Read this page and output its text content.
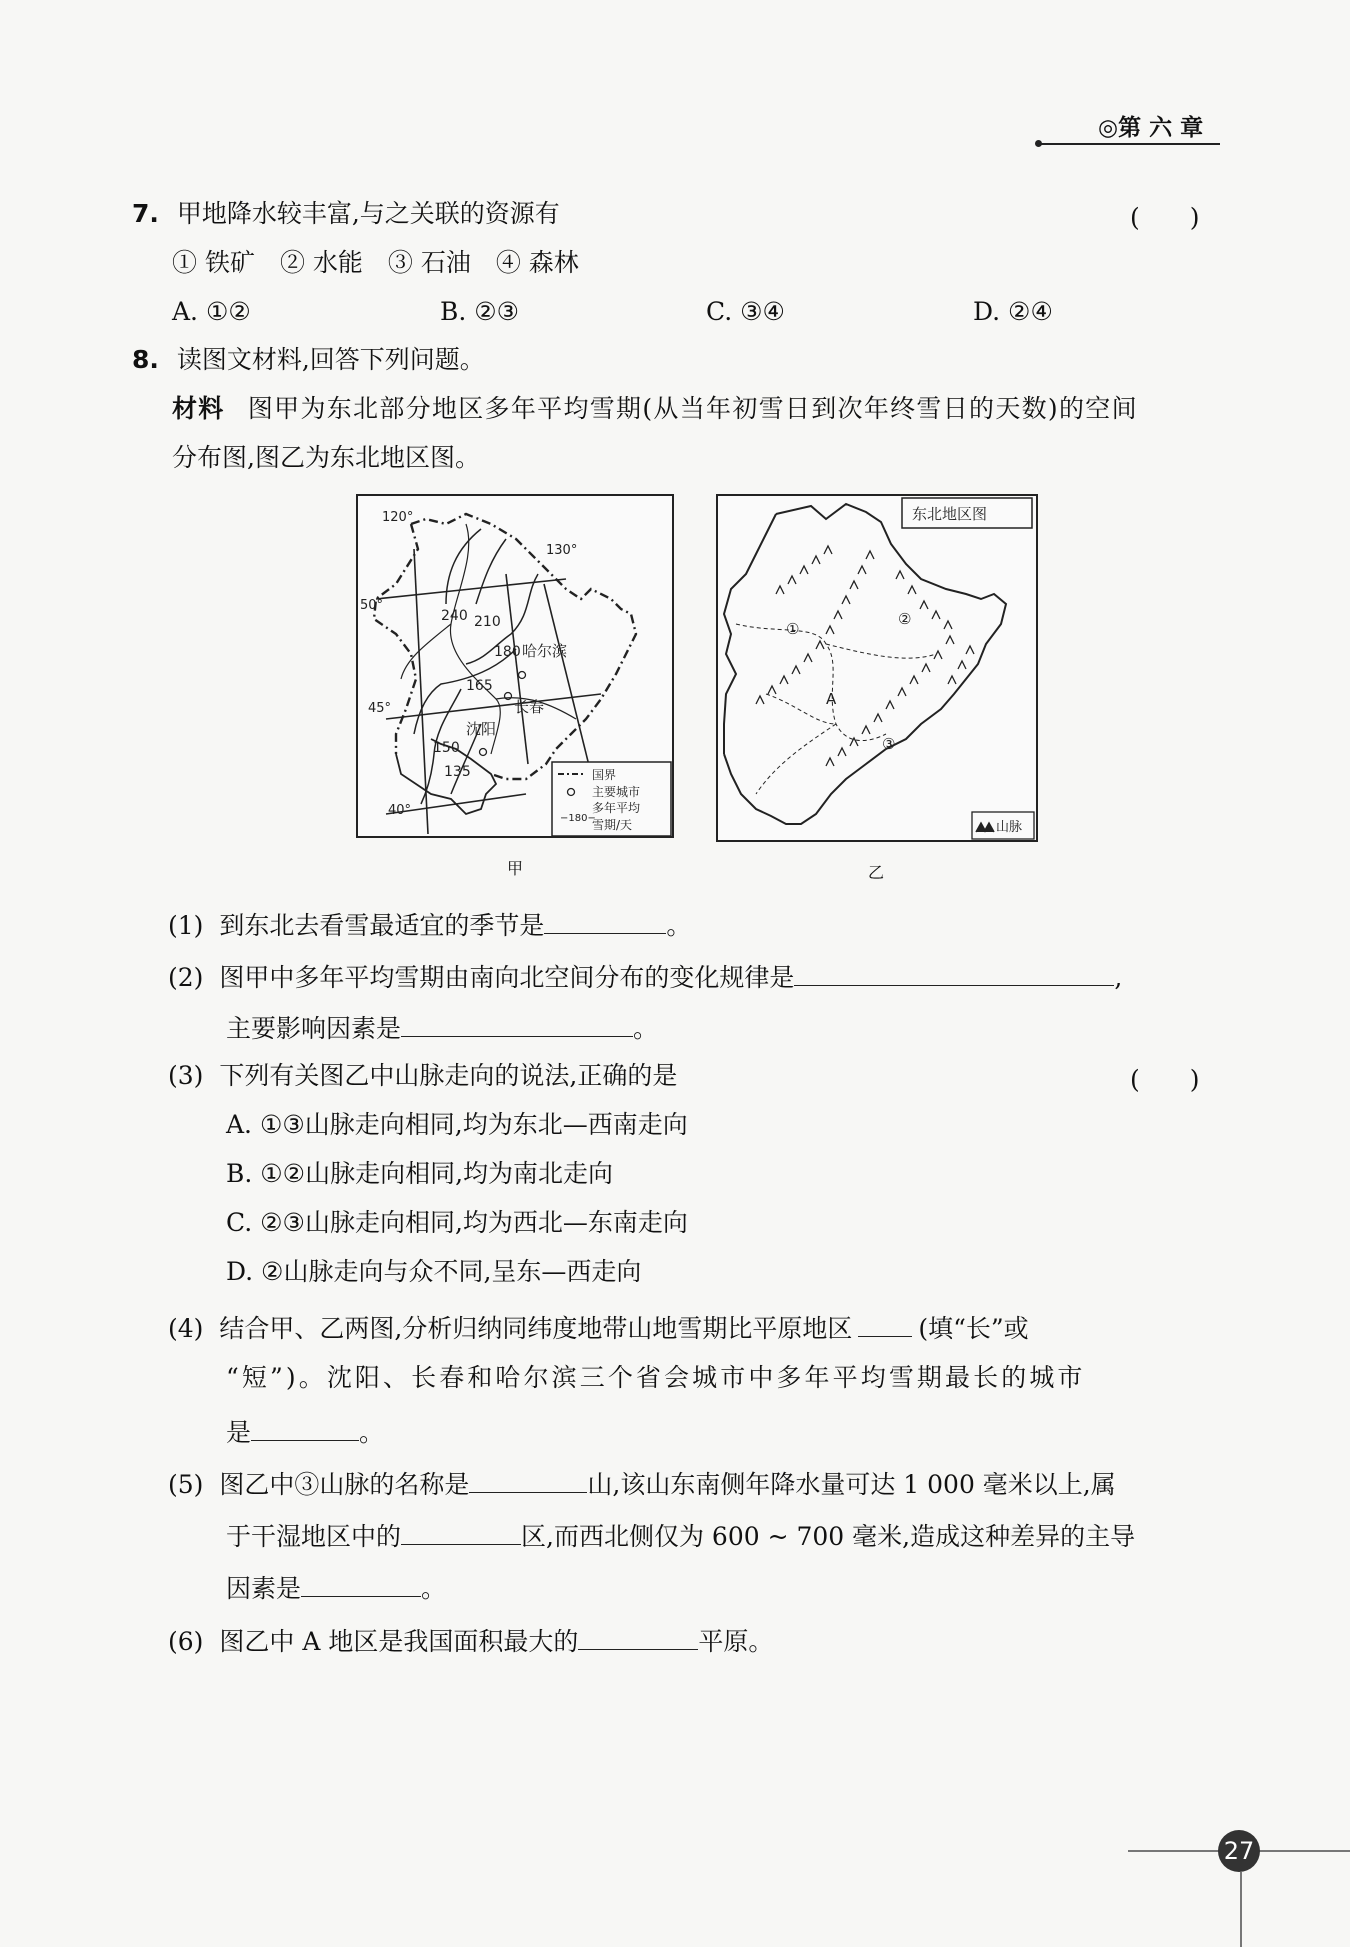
◎第 六 章
7. 甲地降水较丰富,与之关联的资源有	(　　)
① 铁矿　② 水能　③ 石油　④ 森林
A. ①②	B. ②③	C. ③④	D. ②④
8. 读图文材料,回答下列问题。
材料 图甲为东北部分地区多年平均雪期(从当年初雪日到次年终雪日的天数)的空间
分布图,图乙为东北地区图。
120°
130°
50°
45°
40°
240 210
180
165
150
135
哈尔滨
长春
沈阳
国界
主要城市
−180−
多年平均
雪期/天
甲
东北地区图
①
②
③
A
山脉
乙
(1) 到东北去看雪最适宜的季节是	。
(2) 图甲中多年平均雪期由南向北空间分布的变化规律是	,
主要影响因素是	。
(3) 下列有关图乙中山脉走向的说法,正确的是	(　　)
A. ①③山脉走向相同,均为东北—西南走向
B. ①②山脉走向相同,均为南北走向
C. ②③山脉走向相同,均为西北—东南走向
D. ②山脉走向与众不同,呈东—西走向
(4) 结合甲、乙两图,分析归纳同纬度地带山地雪期比平原地区	(填“长”或
“短”)。沈阳、长春和哈尔滨三个省会城市中多年平均雪期最长的城市
是	。
(5) 图乙中③山脉的名称是	山,该山东南侧年降水量可达 1 000 毫米以上,属
于干湿地区中的	区,而西北侧仅为 600 ~ 700 毫米,造成这种差异的主导
因素是	。
(6) 图乙中 A 地区是我国面积最大的	平原。
27
